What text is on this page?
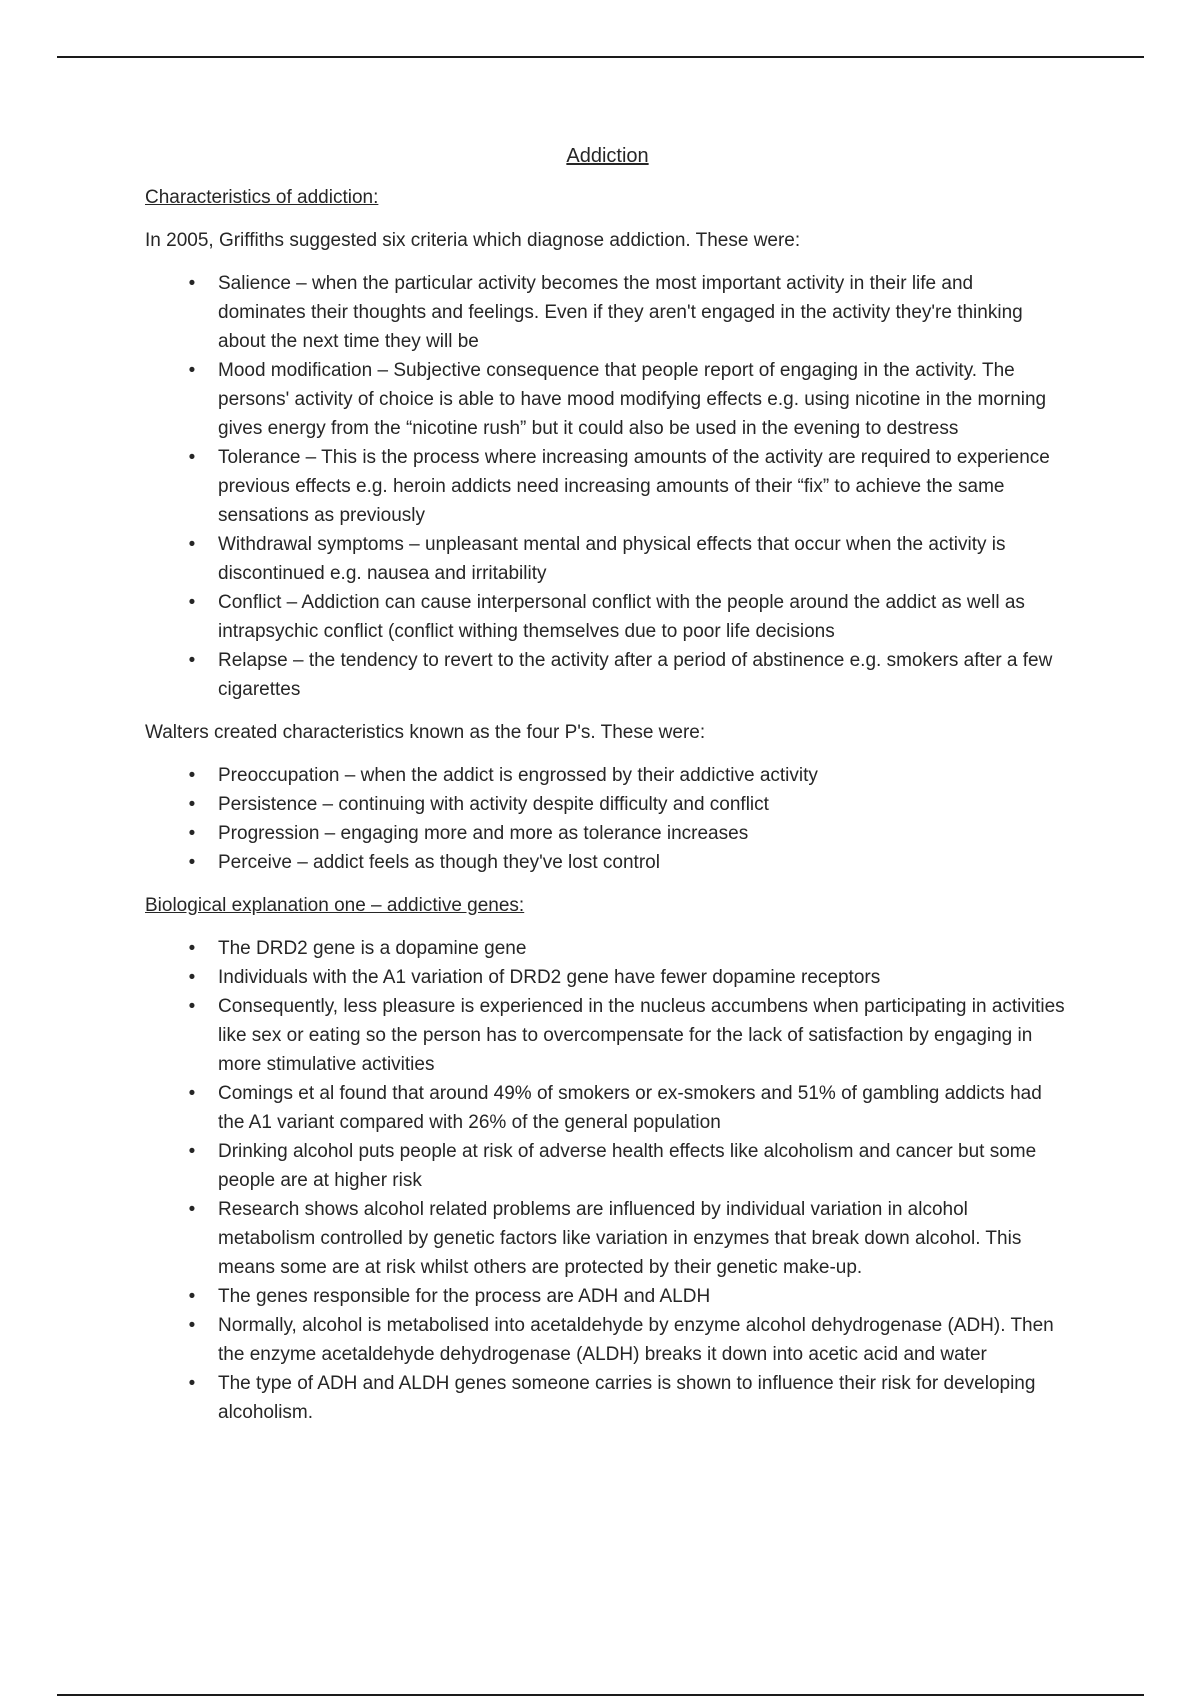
Addiction
Characteristics of addiction:

In 2005, Griffiths suggested six criteria which diagnose addiction. These were:

• Salience – when the particular activity becomes the most important activity in their life and dominates their thoughts and feelings. Even if they aren't engaged in the activity they're thinking about the next time they will be
• Mood modification – Subjective consequence that people report of engaging in the activity. The persons' activity of choice is able to have mood modifying effects e.g. using nicotine in the morning gives energy from the “nicotine rush” but it could also be used in the evening to destress
• Tolerance – This is the process where increasing amounts of the activity are required to experience previous effects e.g. heroin addicts need increasing amounts of their “fix” to achieve the same sensations as previously
• Withdrawal symptoms – unpleasant mental and physical effects that occur when the activity is discontinued e.g. nausea and irritability
• Conflict – Addiction can cause interpersonal conflict with the people around the addict as well as intrapsychic conflict (conflict withing themselves due to poor life decisions
• Relapse – the tendency to revert to the activity after a period of abstinence e.g. smokers after a few cigarettes

Walters created characteristics known as the four P's. These were:

• Preoccupation – when the addict is engrossed by their addictive activity
• Persistence – continuing with activity despite difficulty and conflict
• Progression – engaging more and more as tolerance increases
• Perceive – addict feels as though they've lost control
Biological explanation one – addictive genes:
• The DRD2 gene is a dopamine gene
• Individuals with the A1 variation of DRD2 gene have fewer dopamine receptors
• Consequently, less pleasure is experienced in the nucleus accumbens when participating in activities like sex or eating so the person has to overcompensate for the lack of satisfaction by engaging in more stimulative activities
• Comings et al found that around 49% of smokers or ex-smokers and 51% of gambling addicts had the A1 variant compared with 26% of the general population
• Drinking alcohol puts people at risk of adverse health effects like alcoholism and cancer but some people are at higher risk
• Research shows alcohol related problems are influenced by individual variation in alcohol metabolism controlled by genetic factors like variation in enzymes that break down alcohol. This means some are at risk whilst others are protected by their genetic make-up.
• The genes responsible for the process are ADH and ALDH
• Normally, alcohol is metabolised into acetaldehyde by enzyme alcohol dehydrogenase (ADH). Then the enzyme acetaldehyde dehydrogenase (ALDH) breaks it down into acetic acid and water
• The type of ADH and ALDH genes someone carries is shown to influence their risk for developing alcoholism.
